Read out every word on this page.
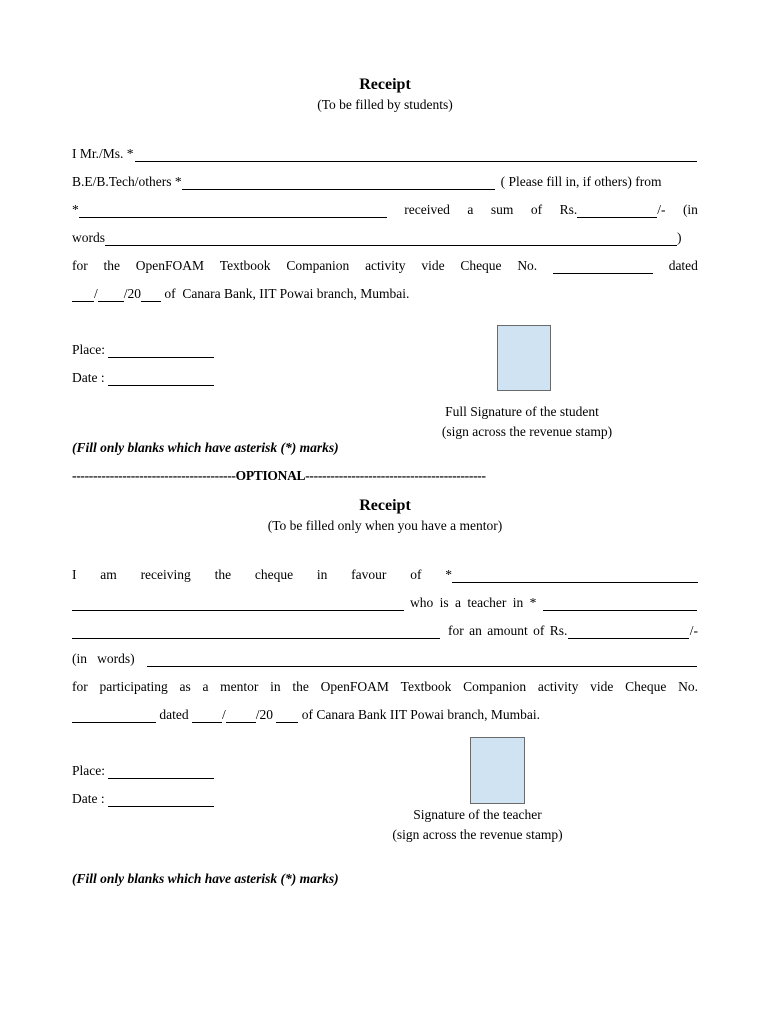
Receipt
(To be filled by students)
I Mr./Ms. *
B.E/B.Tech/others *	( Please fill in, if others) from
*	received a sum of Rs.	/- (in
words	)
for the OpenFOAM Textbook Companion activity vide Cheque No.	dated
/ /20 of  Canara Bank, IIT Powai branch, Mumbai.
Place:
Date :
Full Signature of the student
(sign across the revenue stamp)
(Fill only blanks which have asterisk (*) marks)
---------------------------------------OPTIONAL-------------------------------------------
Receipt
(To be filled only when you have a mentor)
I am receiving the cheque in favour of *
who is a teacher in *
for an amount of Rs.	/-
(in   words)
for participating as a mentor in the OpenFOAM Textbook Companion activity vide Cheque No.
dated / /20 of Canara Bank IIT Powai branch, Mumbai.
Place:
Date :
Signature of the teacher
(sign across the revenue stamp)
(Fill only blanks which have asterisk (*) marks)
